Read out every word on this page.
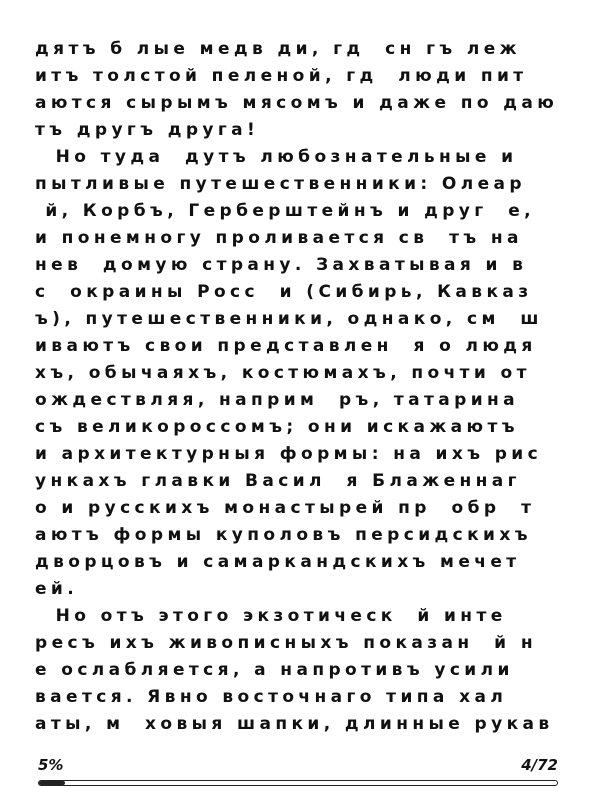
дятъ б лые медв ди, гд  сн гъ леж
итъ толстой пеленой, гд  люди пит
аются сырымъ мясомъ и даже по даю
тъ другъ друга!
Но туда  дутъ любознательные и
пытливые путешественники: Олеар
й, Корбъ, Герберштейнъ и друг  е,
и понемногу проливается св  тъ на
нев  домую страну. Захватывая и в
с  окраины Росс  и (Сибирь, Кавказ
ъ), путешественники, однако, см  ш
иваютъ свои представлен  я о людя
хъ, обычаяхъ, костюмахъ, почти от
ождествляя, наприм  ръ, татарина
съ великороссомъ; они искажаютъ
и архитектурныя формы: на ихъ рис
ункахъ главки Васил  я Блаженнаг
о и русскихъ монастырей пр  обр  т
аютъ формы куполовъ персидскихъ
дворцовъ и самаркандскихъ мечет
ей.
Но отъ этого экзотическ  й инте
ресъ ихъ живописныхъ показан  й н
е ослабляется, а напротивъ усили
вается. Явно восточнаго типа хал
аты, м  ховыя шапки, длинные рукав
5%	4/72
